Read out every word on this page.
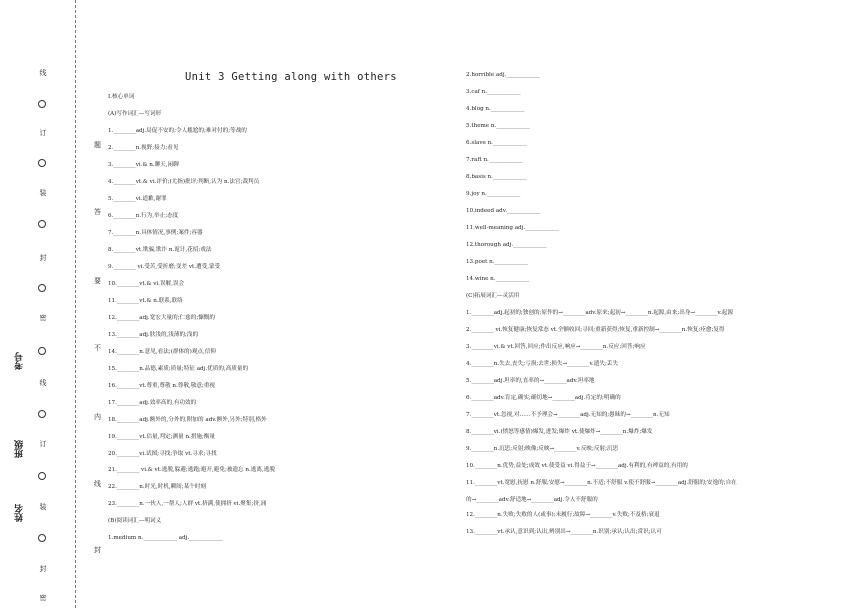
线
订
装
封
密
线
订
装
封
密
考号
班级
姓名
题
答
要
不
内
线
封
Unit 3 Getting along with others
Ⅰ.核心单词
(A)写作词汇—写词形
1.________adj.局促不安的;令人尴尬的;难对付的;等战的
2.________n.视野;接力;看见
3.________vi.& n.聊天,闲聊
4.________vt.& vi.评价;(尤指)批评;判断,认为 n.法官;裁判员
5.________vi.道歉,谢罪
6.________n.行为,举止;态度
7.________n.具体情况,事例;案件;容器
8.________vt.欺骗,欺诈 n.诡计,花招;戏法
9.________ vi.受苦,受折磨;变差 vt.遭受,蒙受
10.________vt.& vi.误解,误会
11.________vt.& n.联系,联络
12.________adj.宽宏大量的;仁慈的;慷慨的
13.________adj.肤浅的,浅薄的;浅的
14.________n.意见,看法;(群体的)观点,信仰
15.________n.品德,素质;质量;特征 adj.优质的,高质量的
16.________vt.尊重,尊敬 n.尊敬,敬意;重视
17.________adj.效率高的,有功效的
18.________adj.额外的,分外的,附加的 adv.额外,另外;特别,格外
19.________vt.估量,判定;测量 n.措施;衡量
20.________vi.试图;寻找;争取 vt.寻求;寻找
21.________ vi.& vt.逃脱,躲避;逃跑;避开,避免;被遗忘 n.逃离,逃脱
22.________n.时光,时机,瞬间;某个时刻
23.________n.一伙人,一帮人;人群 vt.挤满,使拥挤 vi.聚集;挤,涌
(B)阅读词汇—明词义
1.medium n.____________ adj.____________
2.horrible adj.____________
3.caf n.____________
4.blog n.____________
5.theme n.____________
6.slave n.____________
7.raft n.____________
8.basis n.____________
9.joy n.____________
10.indeed adv.____________
11.well-meaning adj.____________
12.thorough adj.____________
13.poet n.____________
14.wine n.____________
(C)拓展词汇—灵活用
1.________adj.起初的;独创的;原作的→________adv.原来;起初→________n.起源,由来;出身→________v.起源
2.________ vi.恢复健康;恢复常态 vt.全额收回;寻回;重新获得;恢复,重新控制→________n.恢复;痊愈;复得
3.________vi.& vt.回答,回应;作出反应,响应→________n.反应;回答;响应
4.________n.失去,丧失;亏损;去世;损失→________v.遗失;丢失
5.________adj.坦率的,直率的→________adv.坦率地
6.________adv.肯定,确实;确切地→________adj.肯定的;明确的
7.________vt.忽视,对……不予理会→________adj.无知的;愚昧的→________n.无知
8.________vi.(愤怒等感情)爆发,进发;爆炸 vt.使爆炸→________n.爆炸;爆发
9.________n.沉思;反射;映像;反映→________v.反映;反射;沉思
10.________n.优势,益处;成效 vt.使受益 vi.得益于→________adj.有利的,有裨益的,有用的
11.________vt.宽慰,抚慰 n.舒服;安慰→________n.不适;不舒服 v.使不舒服→________adj.舒服的;安逸的;自在
的→________adv.舒适地→________adj.令人不舒服的
12.________n.失败;失败的人(或事);未履行;故障→________v.失败;不及格;衰退
13.________vt.承认,意识到;认出,辨别出→________n.识别;承认;认出;赏识;认可
